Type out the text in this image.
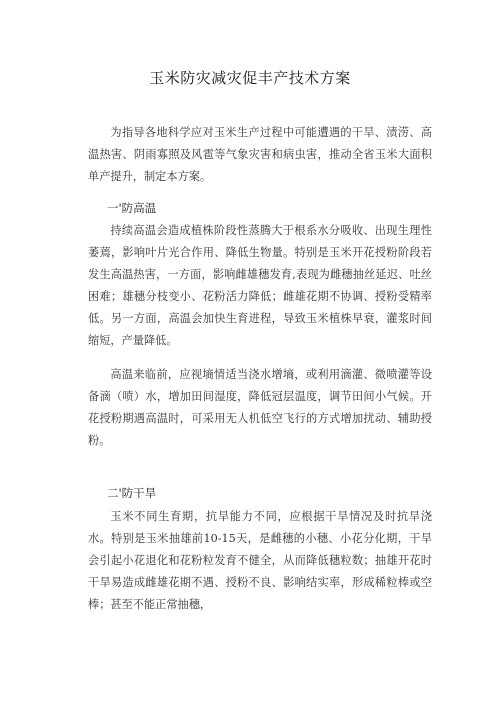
玉米防灾减灾促丰产技术方案

为指导各地科学应对玉米生产过程中可能遭遇的干旱、渍涝、高温热害、阴雨寡照及风雹等气象灾害和病虫害，推动全省玉米大面积单产提升，制定本方案。

一'防高温

持续高温会造成植株阶段性蒸腾大于根系水分吸收、出现生理性萎蔫，影响叶片光合作用、降低生物量。特别是玉米开花授粉阶段若发生高温热害，一方面，影响雌雄穗发育,表现为雌穗抽丝延迟、吐丝困难；雄穗分枝变小、花粉活力降低；雌雄花期不协调、授粉受精率低。另一方面，高温会加快生育进程，导致玉米植株早衰，灌浆时间缩短，产量降低。

高温来临前，应视墒情适当浇水增墒，或利用滴灌、微喷灌等设备滴（喷）水，增加田间湿度，降低冠层温度，调节田间小气候。开花授粉期遇高温时，可采用无人机低空飞行的方式增加扰动、辅助授粉。

二'防干旱

玉米不同生育期，抗旱能力不同，应根据干旱情况及时抗旱浇水。特别是玉米抽雄前10-15天，是雌穗的小穗、小花分化期，干旱会引起小花退化和花粉粒发育不健全，从而降低穗粒数；抽雄开花时干旱易造成雌雄花期不遇、授粉不良、影响结实率，形成稀粒棒或空棒；甚至不能正常抽穗，
